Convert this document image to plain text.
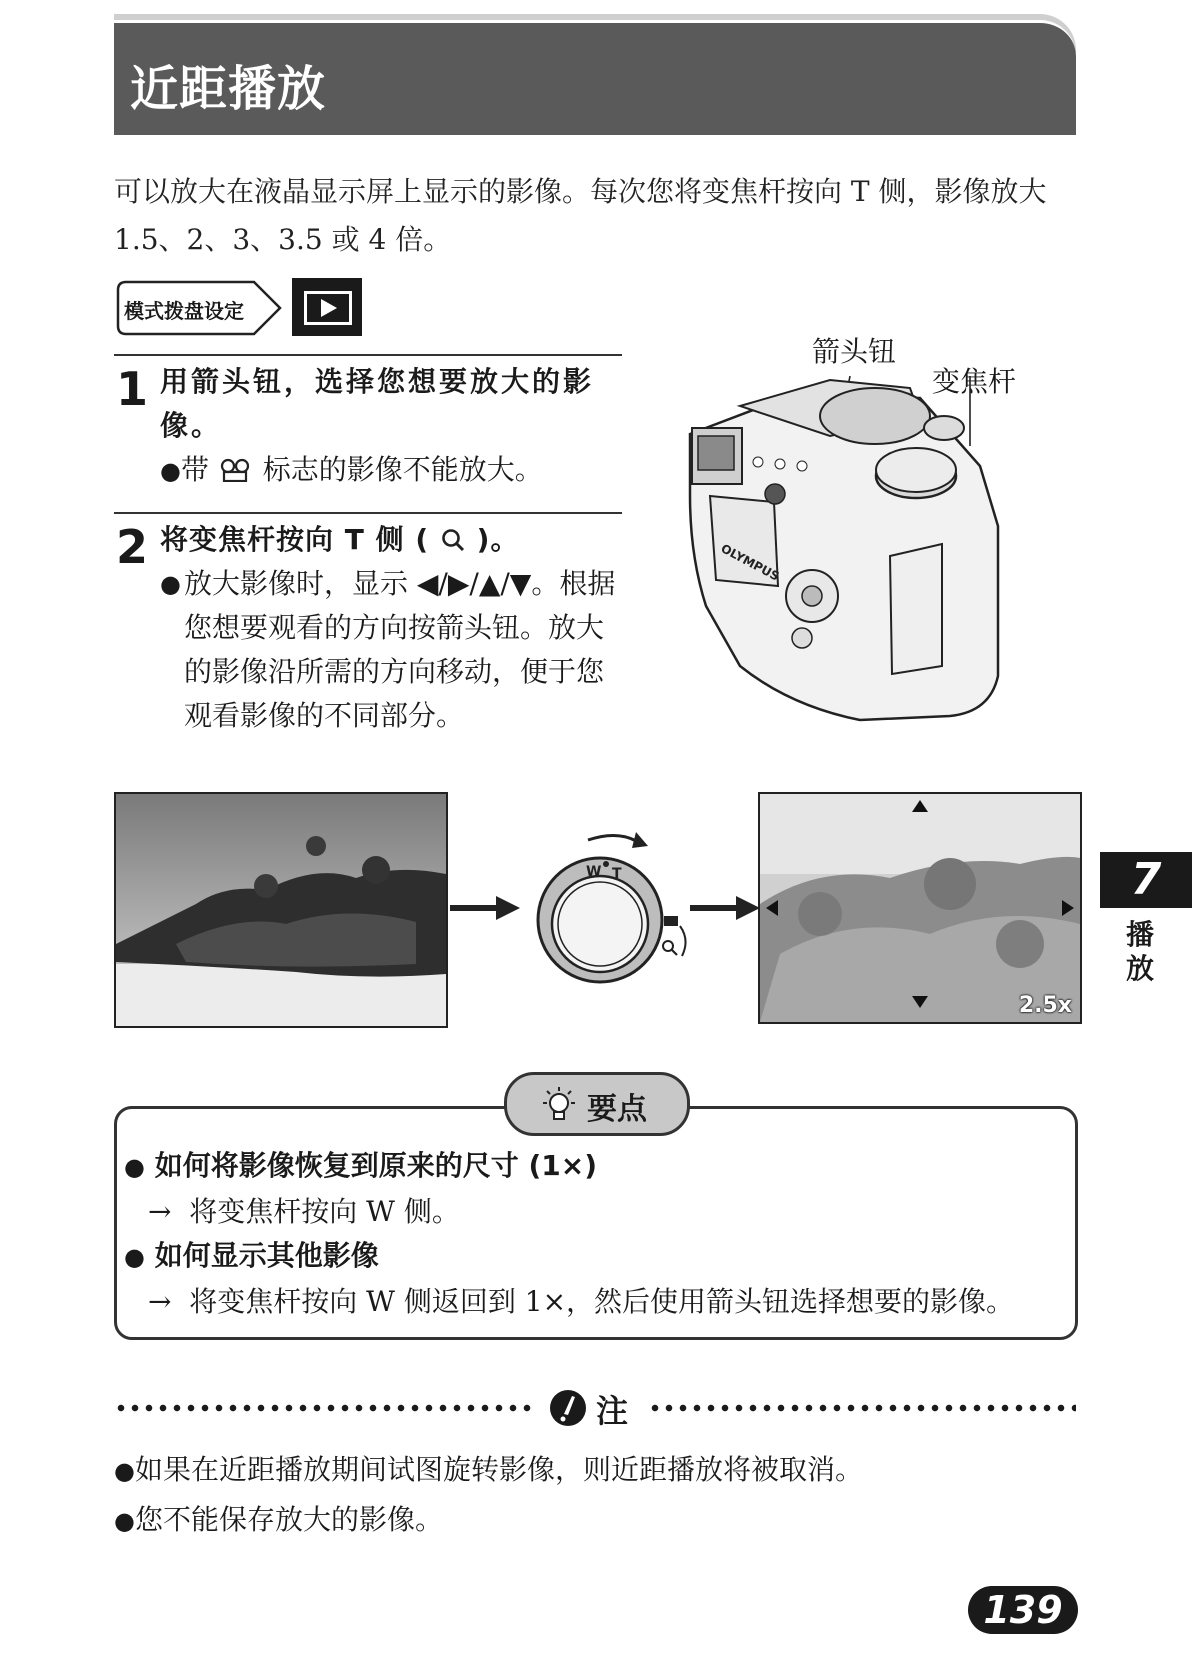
近距播放
可以放大在液晶显示屏上显示的影像。每次您将变焦杆按向 T 侧，影像放大 1.5、2、3、3.5 或 4 倍。
模式拨盘设定
1 用箭头钮，选择您想要放大的影像。
●带 标志的影像不能放大。
2 将变焦杆按向 T 侧 ( )。
● 放大影像时，显示 ◀/▶/▲/▼。根据您想要观看的方向按箭头钮。放大的影像沿所需的方向移动，便于您观看影像的不同部分。
箭头钮
变焦杆
OLYMPUS
W T
2.5x
7
播放
要点
● 如何将影像恢复到原来的尺寸 (1×)
→ 将变焦杆按向 W 侧。
● 如何显示其他影像
→ 将变焦杆按向 W 侧返回到 1×，然后使用箭头钮选择想要的影像。
注
●如果在近距播放期间试图旋转影像，则近距播放将被取消。
●您不能保存放大的影像。
139
